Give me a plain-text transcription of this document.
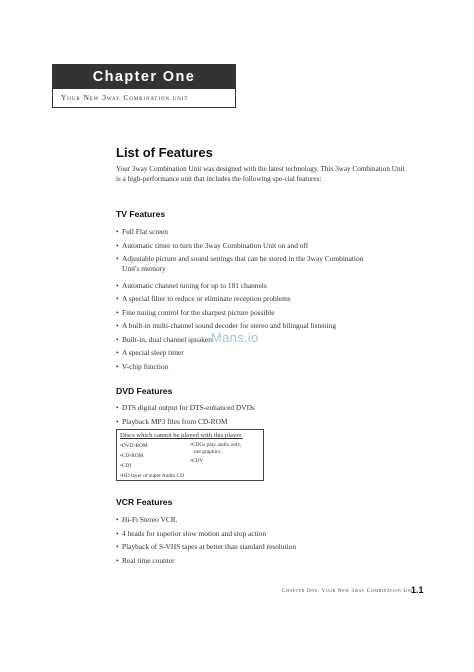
Chapter One
Your New 3way Combination unit
List of Features

Your 3way Combination Unit was designed with the latest technology. This 3way Combination Unit is a high-performance unit that includes the following spe-cial features:

TV Features
• Full Flat screen
• Automatic timer to turn the 3way Combination Unit on and off
• Adjustable picture and sound settings that can be stored in the 3way Combination
Unit's memory
• Automatic channel tuning for up to 181 channels
• A special filter to reduce or eliminate reception problems
• Fine tuning control for the sharpest picture possible
• A built-in multi-channel sound decoder for stereo and bilingual listening
• Built-in, dual channel speakers
• A special sleep timer
• V-chip function
Mans.io
DVD Features
• DTS digital output for DTS-enhanced DVDs
• Playback MP3 files from CD-ROM
Discs which cannot be played with this player.
• DVD-ROM
• CD-ROM
• CDI
• HD layer of super Audio CD
• CDGs play audio only,
not graphics.
• CDV
VCR Features
• Hi-Fi Stereo VCR.
• 4 heads for superior slow motion and stop action
• Playback of S-VHS tapes at better than standard resolution
• Real time counter
Chapter One: Your New 3way Combination Unit
1.1
